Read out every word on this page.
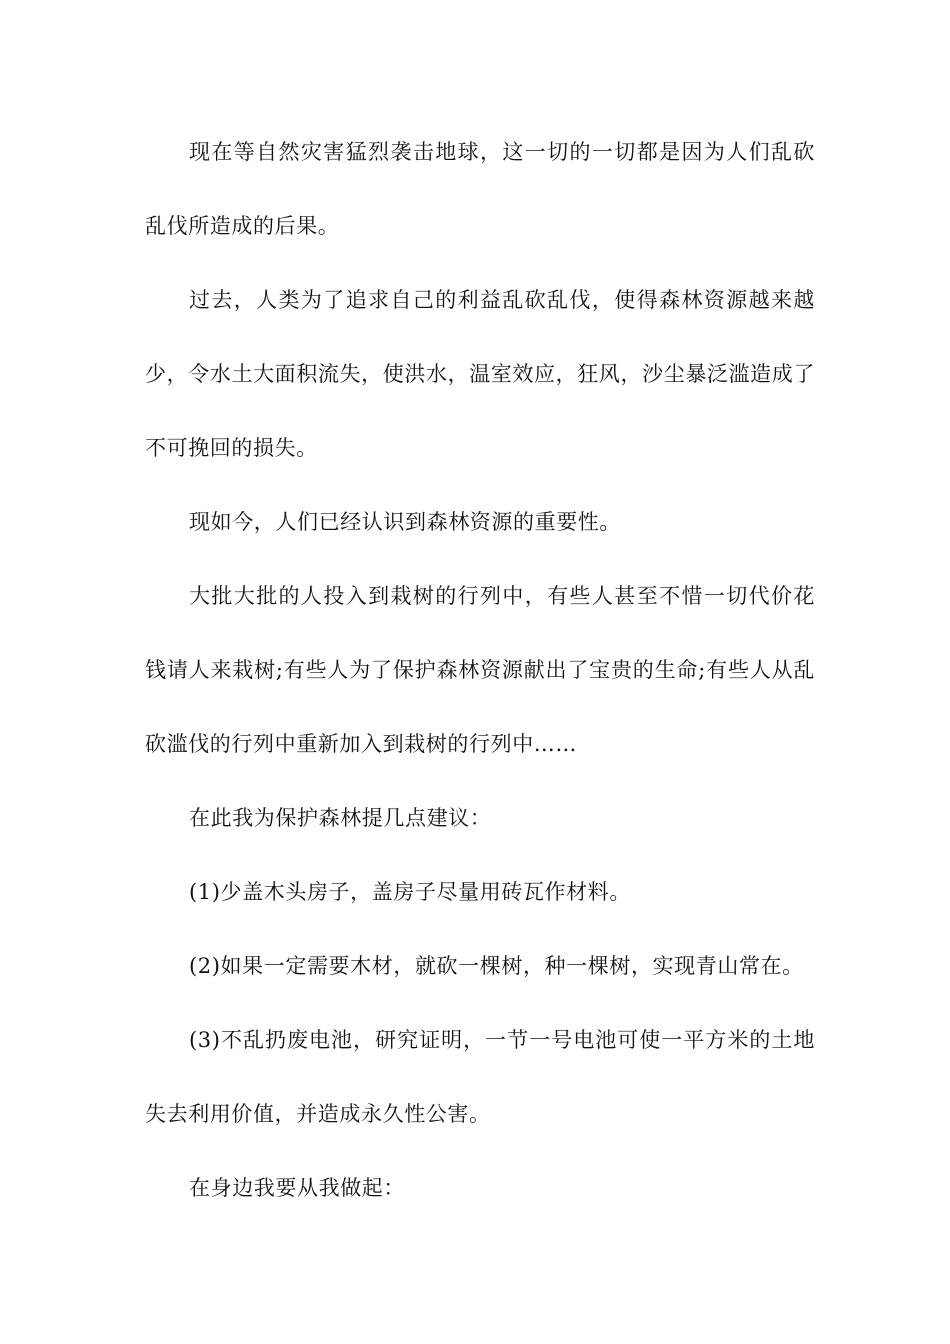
现在等自然灾害猛烈袭击地球，这一切的一切都是因为人们乱砍乱伐所造成的后果。

过去，人类为了追求自己的利益乱砍乱伐，使得森林资源越来越少，令水土大面积流失，使洪水，温室效应，狂风，沙尘暴泛滥造成了不可挽回的损失。

现如今，人们已经认识到森林资源的重要性。

大批大批的人投入到栽树的行列中，有些人甚至不惜一切代价花钱请人来栽树;有些人为了保护森林资源献出了宝贵的生命;有些人从乱砍滥伐的行列中重新加入到栽树的行列中……

在此我为保护森林提几点建议：

(1)少盖木头房子，盖房子尽量用砖瓦作材料。

(2)如果一定需要木材，就砍一棵树，种一棵树，实现青山常在。

(3)不乱扔废电池，研究证明，一节一号电池可使一平方米的土地失去利用价值，并造成永久性公害。

在身边我要从我做起：
